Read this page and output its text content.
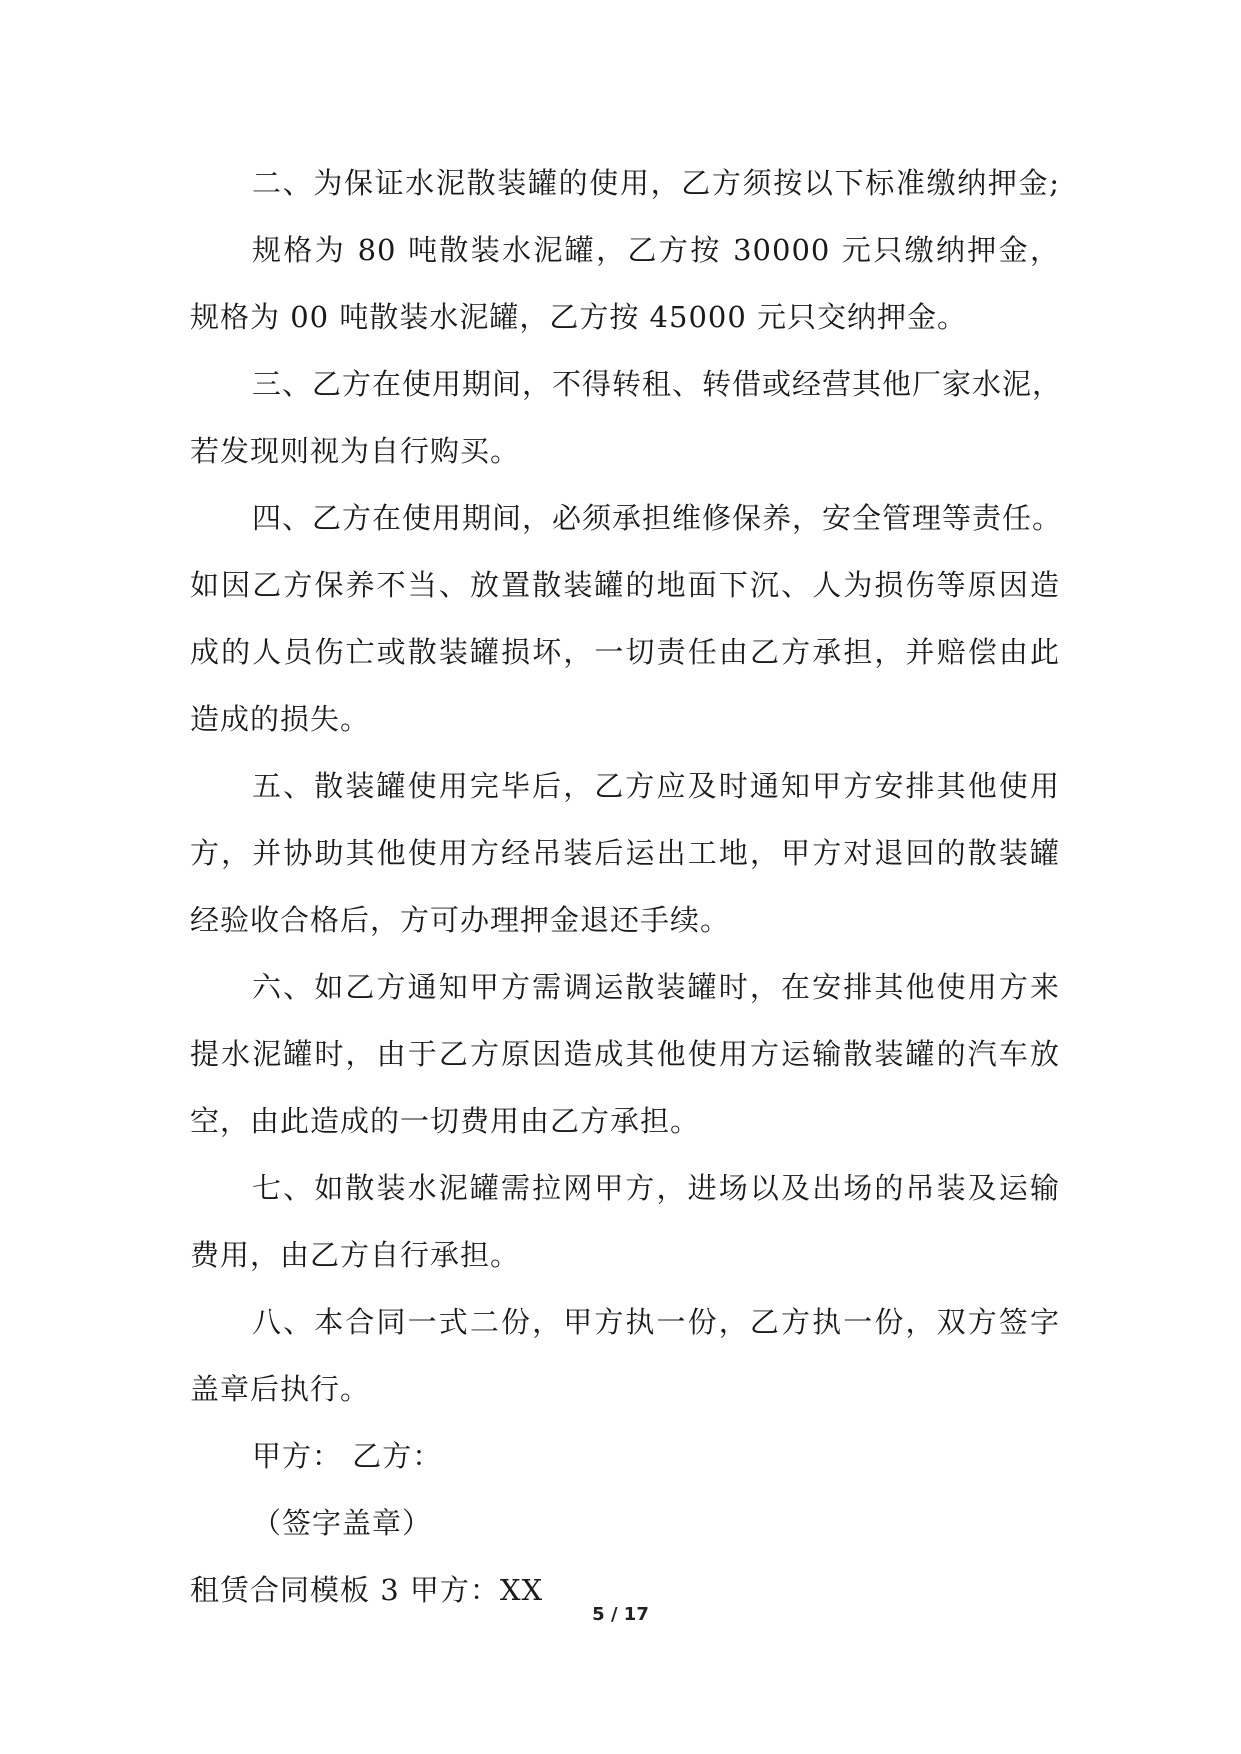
二、为保证水泥散装罐的使用，乙方须按以下标准缴纳押金;
规格为 80 吨散装水泥罐，乙方按 30000 元只缴纳押金，
规格为 00 吨散装水泥罐，乙方按 45000 元只交纳押金。
三、乙方在使用期间，不得转租、转借或经营其他厂家水泥，
若发现则视为自行购买。
四、乙方在使用期间，必须承担维修保养，安全管理等责任。
如因乙方保养不当、放置散装罐的地面下沉、人为损伤等原因造
成的人员伤亡或散装罐损坏，一切责任由乙方承担，并赔偿由此
造成的损失。
五、散装罐使用完毕后，乙方应及时通知甲方安排其他使用
方，并协助其他使用方经吊装后运出工地，甲方对退回的散装罐
经验收合格后，方可办理押金退还手续。
六、如乙方通知甲方需调运散装罐时，在安排其他使用方来
提水泥罐时，由于乙方原因造成其他使用方运输散装罐的汽车放
空，由此造成的一切费用由乙方承担。
七、如散装水泥罐需拉网甲方，进场以及出场的吊装及运输
费用，由乙方自行承担。
八、本合同一式二份，甲方执一份，乙方执一份，双方签字
盖章后执行。
甲方： 乙方：
（签字盖章）
租赁合同模板 3 甲方：XX
5 / 17
